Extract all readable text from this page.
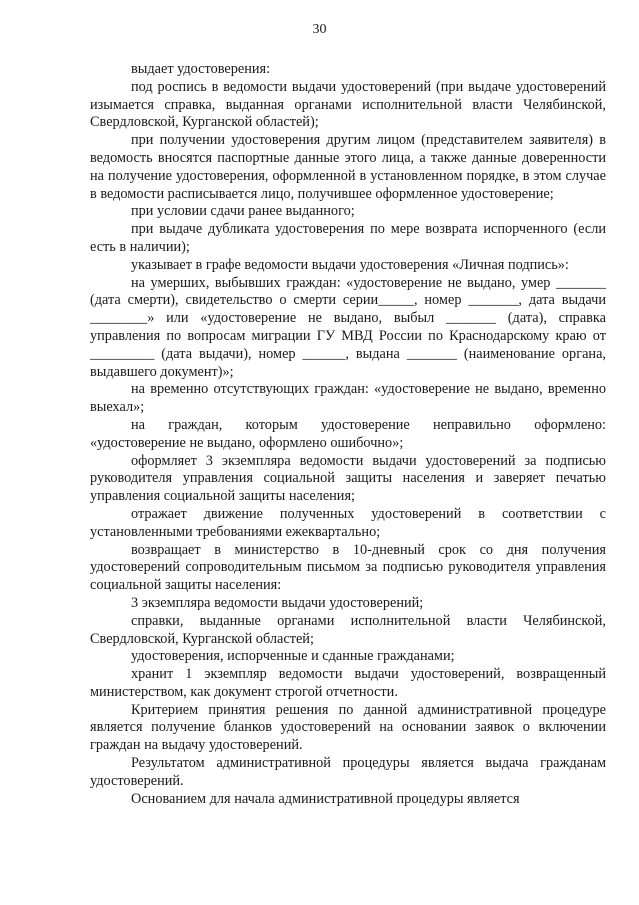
30

выдает удостоверения:

под роспись в ведомости выдачи удостоверений (при выдаче удостоверений изымается справка, выданная органами исполнительной власти Челябинской, Свердловской, Курганской областей);

при получении удостоверения другим лицом (представителем заявителя) в ведомость вносятся паспортные данные этого лица, а также данные доверенности на получение удостоверения, оформленной в установленном порядке, в этом случае в ведомости расписывается лицо, получившее оформленное удостоверение;

при условии сдачи ранее выданного;

при выдаче дубликата удостоверения по мере возврата испорченного (если есть в наличии);

указывает в графе ведомости выдачи удостоверения «Личная подпись»:

на умерших, выбывших граждан: «удостоверение не выдано, умер _______ (дата смерти), свидетельство о смерти серии_____, номер _______, дата выдачи ________» или «удостоверение не выдано, выбыл _______ (дата), справка управления по вопросам миграции ГУ МВД России по Краснодарскому краю от _________ (дата выдачи), номер ______, выдана _______ (наименование органа, выдавшего документ)»;

на временно отсутствующих граждан: «удостоверение не выдано, временно выехал»;

на граждан, которым удостоверение неправильно оформлено: «удостоверение не выдано, оформлено ошибочно»;

оформляет 3 экземпляра ведомости выдачи удостоверений за подписью руководителя управления социальной защиты населения и заверяет печатью управления социальной защиты населения;

отражает движение полученных удостоверений в соответствии с установленными требованиями ежеквартально;

возвращает в министерство в 10-дневный срок со дня получения удостоверений сопроводительным письмом за подписью руководителя управления социальной защиты населения:

3 экземпляра ведомости выдачи удостоверений;

справки, выданные органами исполнительной власти Челябинской, Свердловской, Курганской областей;

удостоверения, испорченные и сданные гражданами;

хранит 1 экземпляр ведомости выдачи удостоверений, возвращенный министерством, как документ строгой отчетности.

Критерием принятия решения по данной административной процедуре является получение бланков удостоверений на основании заявок о включении граждан на выдачу удостоверений.

Результатом административной процедуры является выдача гражданам удостоверений.

Основанием для начала административной процедуры является
